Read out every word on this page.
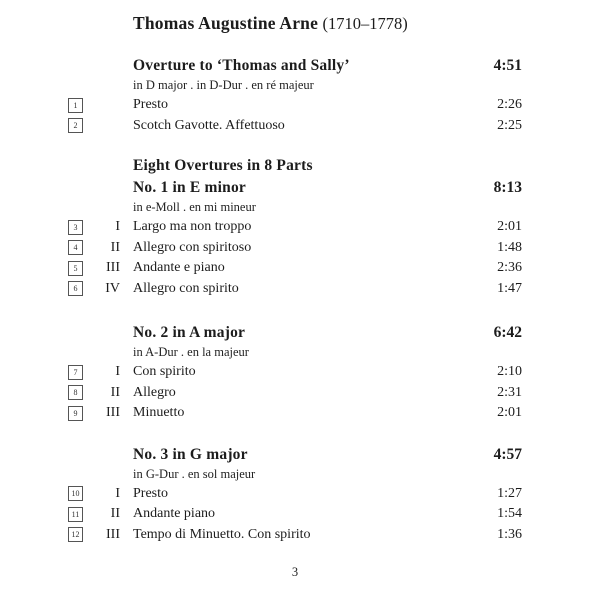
Thomas Augustine Arne (1710–1778)
Overture to ‘Thomas and Sally’	4:51
in D major . in D-Dur . en ré majeur
1	Presto	2:26
2	Scotch Gavotte. Affettuoso	2:25
Eight Overtures in 8 Parts
No. 1 in E minor	8:13
in e-Moll . en mi mineur
3	I Largo ma non troppo	2:01
4	II Allegro con spiritoso	1:48
5	III Andante e piano	2:36
6	IV Allegro con spirito	1:47
No. 2 in A major	6:42
in A-Dur . en la majeur
7	I Con spirito	2:10
8	II Allegro	2:31
9	III Minuetto	2:01
No. 3 in G major	4:57
in G-Dur . en sol majeur
10	I Presto	1:27
11	II Andante piano	1:54
12	III Tempo di Minuetto. Con spirito	1:36
3
